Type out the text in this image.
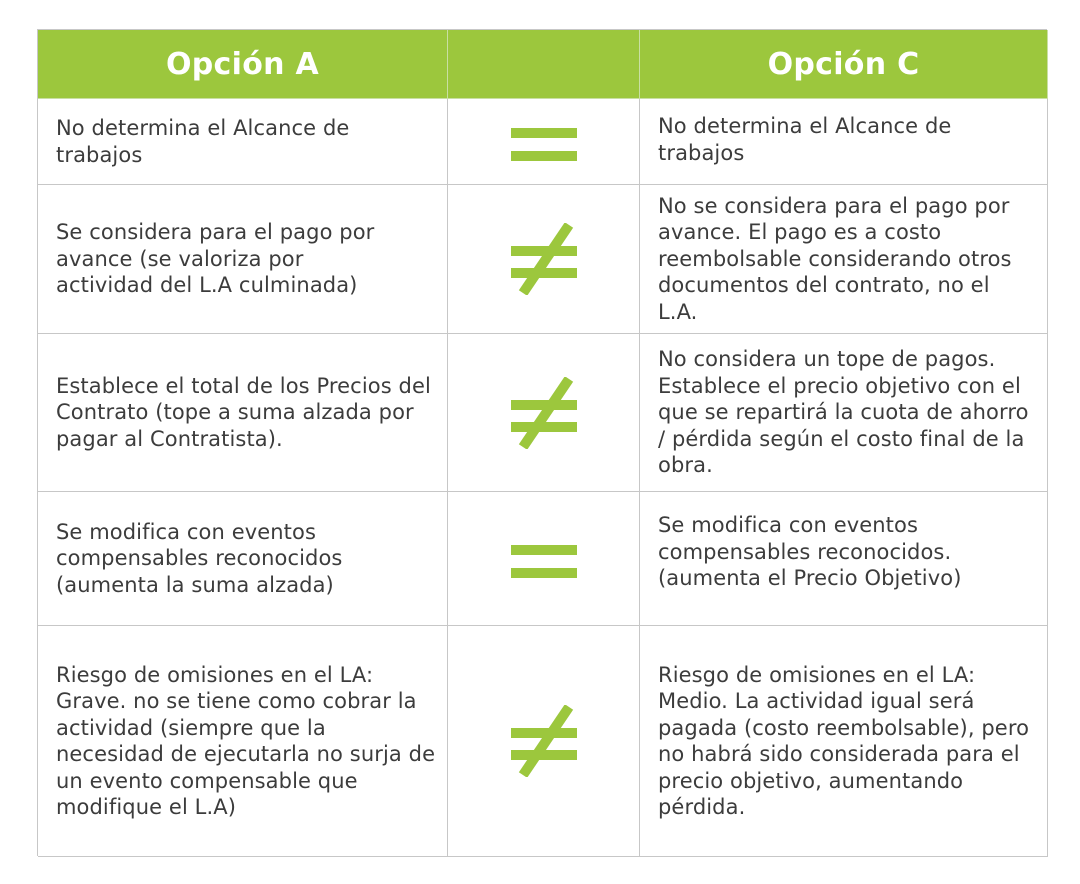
Opción A	Opción C
No determina el Alcance de trabajos
No determina el Alcance de trabajos
Se considera para el pago por avance (se valoriza por actividad del L.A culminada)
No se considera para el pago por avance. El pago es a costo reembolsable considerando otros documentos del contrato, no el L.A.
Establece el total de los Precios del Contrato (tope a suma alzada por pagar al Contratista).
No considera un tope de pagos. Establece el precio objetivo con el que se repartirá la cuota de ahorro / pérdida según el costo final de la obra.
Se modifica con eventos compensables reconocidos (aumenta la suma alzada)
Se modifica con eventos compensables reconocidos. (aumenta el Precio Objetivo)
Riesgo de omisiones en el LA: Grave. no se tiene como cobrar la actividad (siempre que la necesidad de ejecutarla no surja de un evento compensable que modifique el L.A)
Riesgo de omisiones en el LA: Medio. La actividad igual será pagada (costo reembolsable), pero no habrá sido considerada para el precio objetivo, aumentando pérdida.
